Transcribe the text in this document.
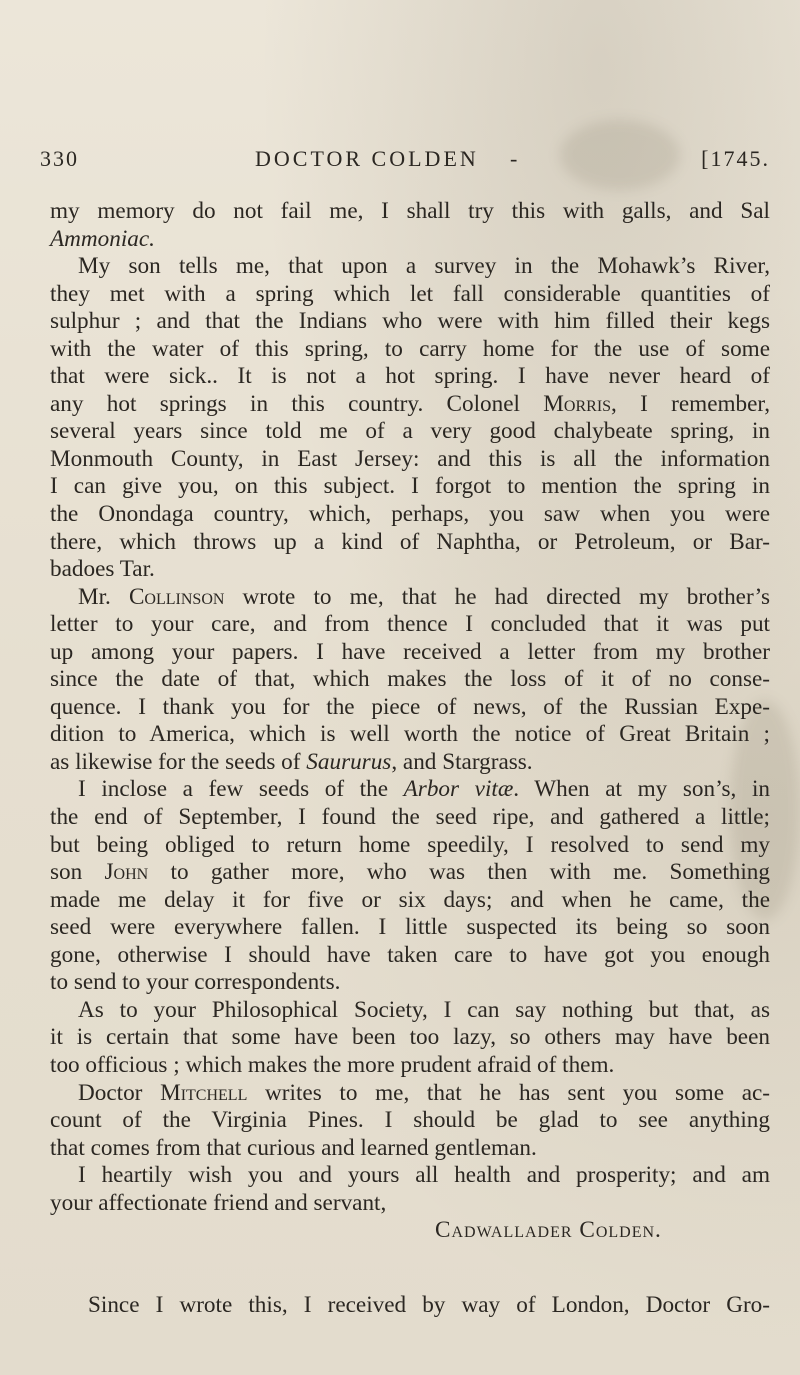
330	DOCTOR COLDEN -	[1745.
my memory do not fail me, I shall try this with galls, and Sal
Ammoniac.
My son tells me, that upon a survey in the Mohawk’s River,
they met with a spring which let fall considerable quantities of
sulphur ; and that the Indians who were with him filled their kegs
with the water of this spring, to carry home for the use of some
that were sick.. It is not a hot spring. I have never heard of
any hot springs in this country. Colonel Morris, I remember,
several years since told me of a very good chalybeate spring, in
Monmouth County, in East Jersey: and this is all the information
I can give you, on this subject. I forgot to mention the spring in
the Onondaga country, which, perhaps, you saw when you were
there, which throws up a kind of Naphtha, or Petroleum, or Bar-
badoes Tar.
Mr. Collinson wrote to me, that he had directed my brother’s
letter to your care, and from thence I concluded that it was put
up among your papers. I have received a letter from my brother
since the date of that, which makes the loss of it of no conse-
quence. I thank you for the piece of news, of the Russian Expe-
dition to America, which is well worth the notice of Great Britain ;
as likewise for the seeds of Saururus, and Stargrass.
I inclose a few seeds of the Arbor vitæ. When at my son’s, in
the end of September, I found the seed ripe, and gathered a little;
but being obliged to return home speedily, I resolved to send my
son John to gather more, who was then with me. Something
made me delay it for five or six days; and when he came, the
seed were everywhere fallen. I little suspected its being so soon
gone, otherwise I should have taken care to have got you enough
to send to your correspondents.
As to your Philosophical Society, I can say nothing but that, as
it is certain that some have been too lazy, so others may have been
too officious ; which makes the more prudent afraid of them.
Doctor Mitchell writes to me, that he has sent you some ac-
count of the Virginia Pines. I should be glad to see anything
that comes from that curious and learned gentleman.
I heartily wish you and yours all health and prosperity; and am
your affectionate friend and servant,
Cadwallader Colden.
Since I wrote this, I received by way of London, Doctor Gro-
